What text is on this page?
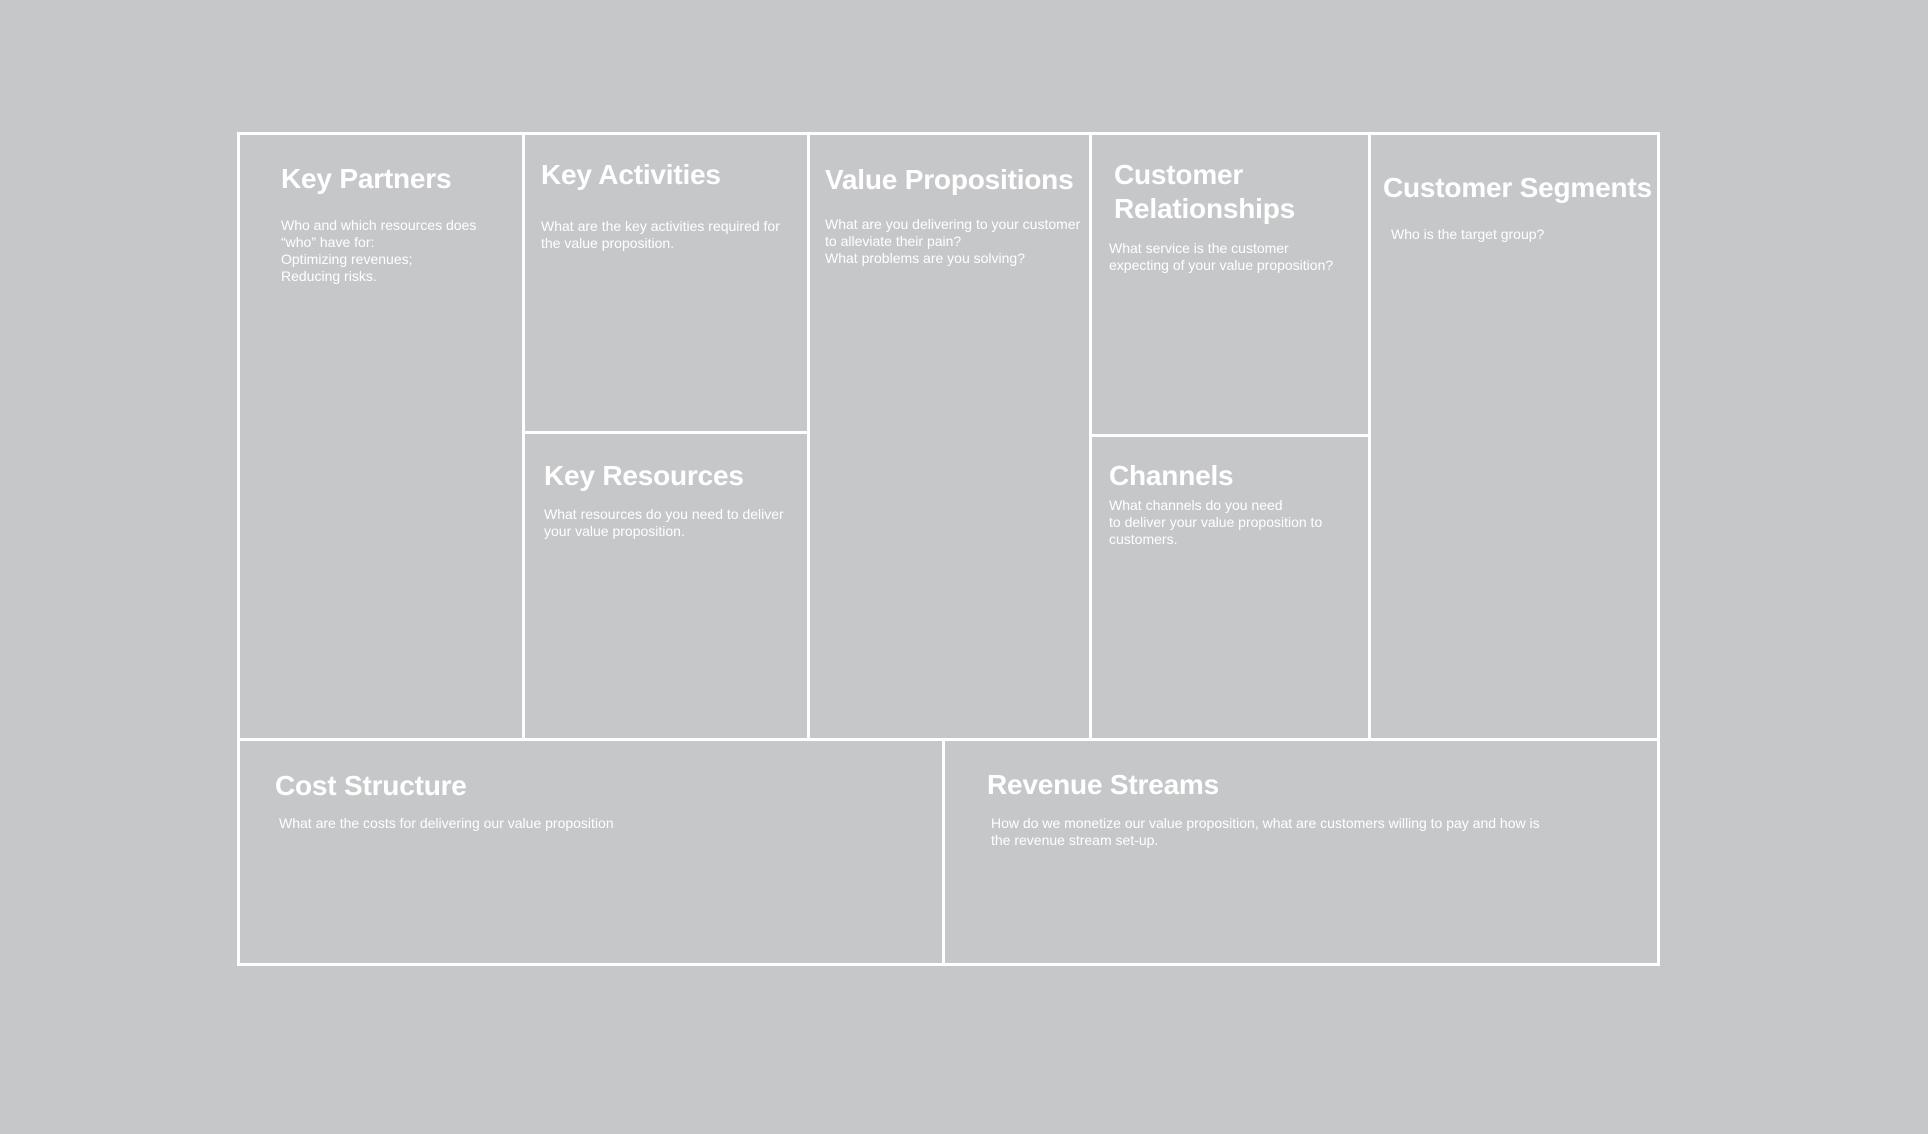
Key Partners

Who and which resources does
“who” have for:
Optimizing revenues;
Reducing risks.

Key Activities

What are the key activities required for
the value proposition.

Key Resources

What resources do you need to deliver
your value proposition.

Value Propositions

What are you delivering to your customer
to alleviate their pain?
What problems are you solving?

Customer
Relationships

What service is the customer
expecting of your value proposition?

Channels

What channels do you need
to deliver your value proposition to
customers.

Customer Segments

Who is the target group?

Cost Structure

What are the costs for delivering our value proposition

Revenue Streams

How do we monetize our value proposition, what are customers willing to pay and how is
the revenue stream set-up.
